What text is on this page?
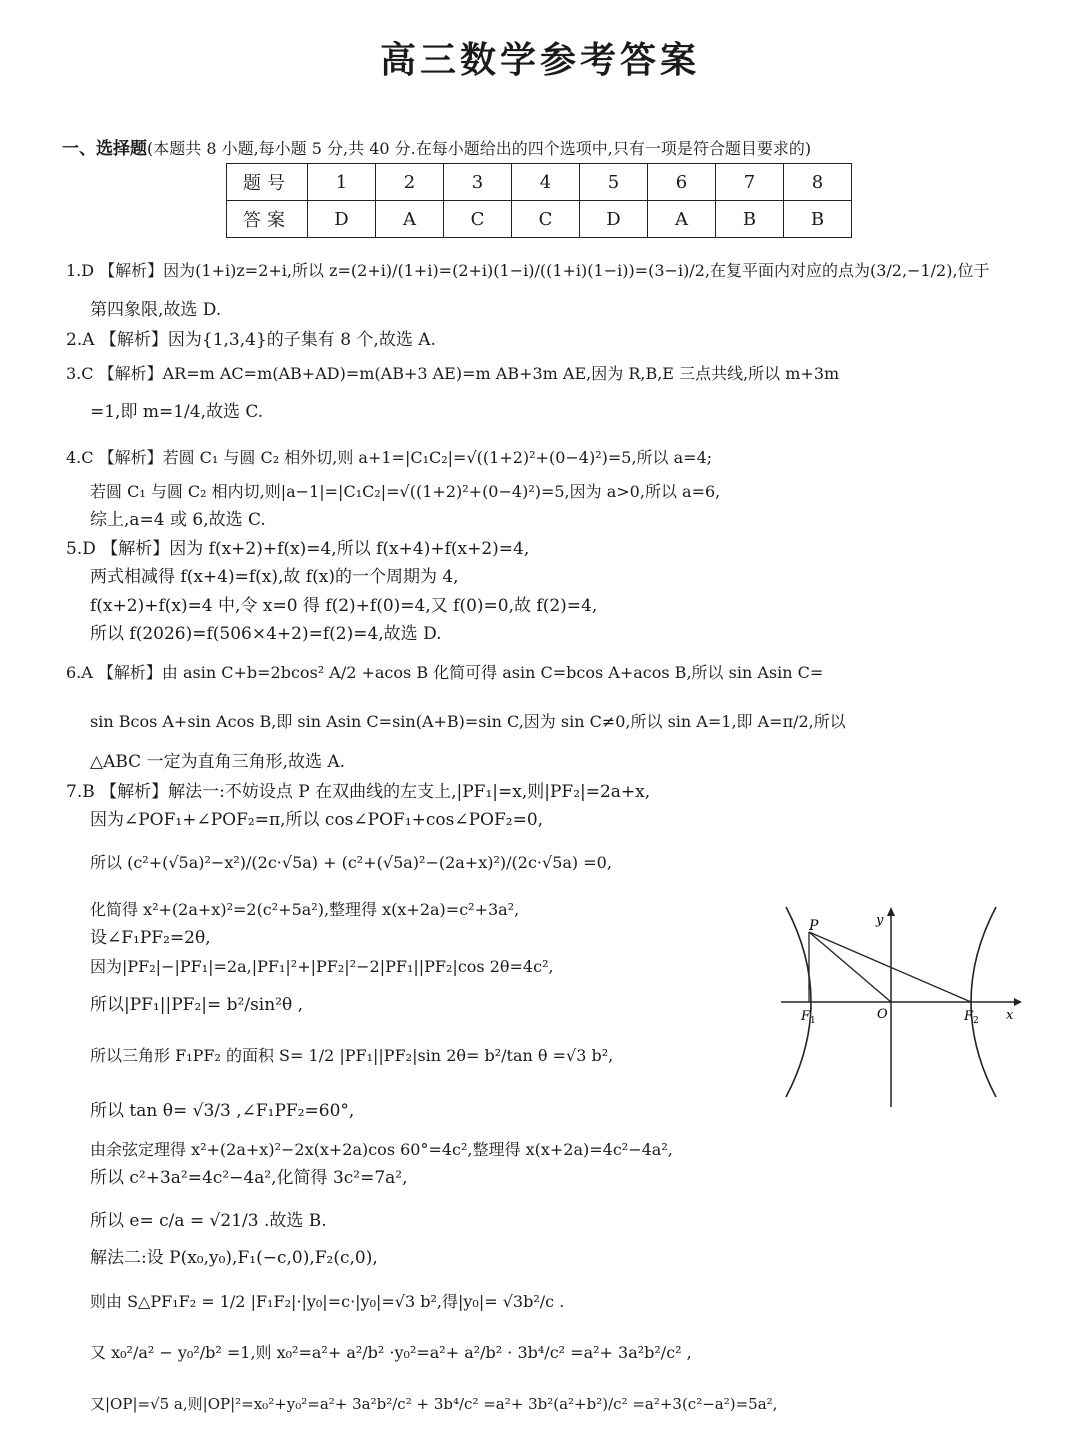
高三数学参考答案
一、选择题(本题共 8 小题,每小题 5 分,共 40 分.在每小题给出的四个选项中,只有一项是符合题目要求的)
题号	1	2	3	4	5	6	7	8
答案	D	A	C	C	D	A	B	B
1.D 【解析】因为(1+i)z=2+i,所以 z=(2+i)/(1+i)=(2+i)(1−i)/((1+i)(1−i))=(3−i)/2,在复平面内对应的点为(3/2,−1/2),位于
第四象限,故选 D.
2.A 【解析】因为{1,3,4}的子集有 8 个,故选 A.
3.C 【解析】AR=m AC=m(AB+AD)=m(AB+3 AE)=m AB+3m AE,因为 R,B,E 三点共线,所以 m+3m
=1,即 m=1/4,故选 C.
4.C 【解析】若圆 C₁ 与圆 C₂ 相外切,则 a+1=|C₁C₂|=√((1+2)²+(0−4)²)=5,所以 a=4;
若圆 C₁ 与圆 C₂ 相内切,则|a−1|=|C₁C₂|=√((1+2)²+(0−4)²)=5,因为 a>0,所以 a=6,
综上,a=4 或 6,故选 C.
5.D 【解析】因为 f(x+2)+f(x)=4,所以 f(x+4)+f(x+2)=4,
两式相减得 f(x+4)=f(x),故 f(x)的一个周期为 4,
f(x+2)+f(x)=4 中,令 x=0 得 f(2)+f(0)=4,又 f(0)=0,故 f(2)=4,
所以 f(2026)=f(506×4+2)=f(2)=4,故选 D.
6.A 【解析】由 asin C+b=2bcos² A/2 +acos B 化简可得 asin C=bcos A+acos B,所以 sin Asin C=
sin Bcos A+sin Acos B,即 sin Asin C=sin(A+B)=sin C,因为 sin C≠0,所以 sin A=1,即 A=π/2,所以
△ABC 一定为直角三角形,故选 A.
7.B 【解析】解法一:不妨设点 P 在双曲线的左支上,|PF₁|=x,则|PF₂|=2a+x,
因为∠POF₁+∠POF₂=π,所以 cos∠POF₁+cos∠POF₂=0,
所以 (c²+(√5a)²−x²)/(2c·√5a) + (c²+(√5a)²−(2a+x)²)/(2c·√5a) =0,
化简得 x²+(2a+x)²=2(c²+5a²),整理得 x(x+2a)=c²+3a²,
设∠F₁PF₂=2θ,
因为|PF₂|−|PF₁|=2a,|PF₁|²+|PF₂|²−2|PF₁||PF₂|cos 2θ=4c²,
所以|PF₁||PF₂|= b²/sin²θ ,
所以三角形 F₁PF₂ 的面积 S= 1/2 |PF₁||PF₂|sin 2θ= b²/tan θ =√3 b²,
所以 tan θ= √3/3 ,∠F₁PF₂=60°,
由余弦定理得 x²+(2a+x)²−2x(x+2a)cos 60°=4c²,整理得 x(x+2a)=4c²−4a²,
所以 c²+3a²=4c²−4a²,化简得 3c²=7a²,
所以 e= c/a = √21/3 .故选 B.
解法二:设 P(x₀,y₀),F₁(−c,0),F₂(c,0),
则由 S△PF₁F₂ = 1/2 |F₁F₂|·|y₀|=c·|y₀|=√3 b²,得|y₀|= √3b²/c .
又 x₀²/a² − y₀²/b² =1,则 x₀²=a²+ a²/b² ·y₀²=a²+ a²/b² · 3b⁴/c² =a²+ 3a²b²/c² ,
又|OP|=√5 a,则|OP|²=x₀²+y₀²=a²+ 3a²b²/c² + 3b⁴/c² =a²+ 3b²(a²+b²)/c² =a²+3(c²−a²)=5a²,
P	y
O
$F_1$	$F_2$ x
